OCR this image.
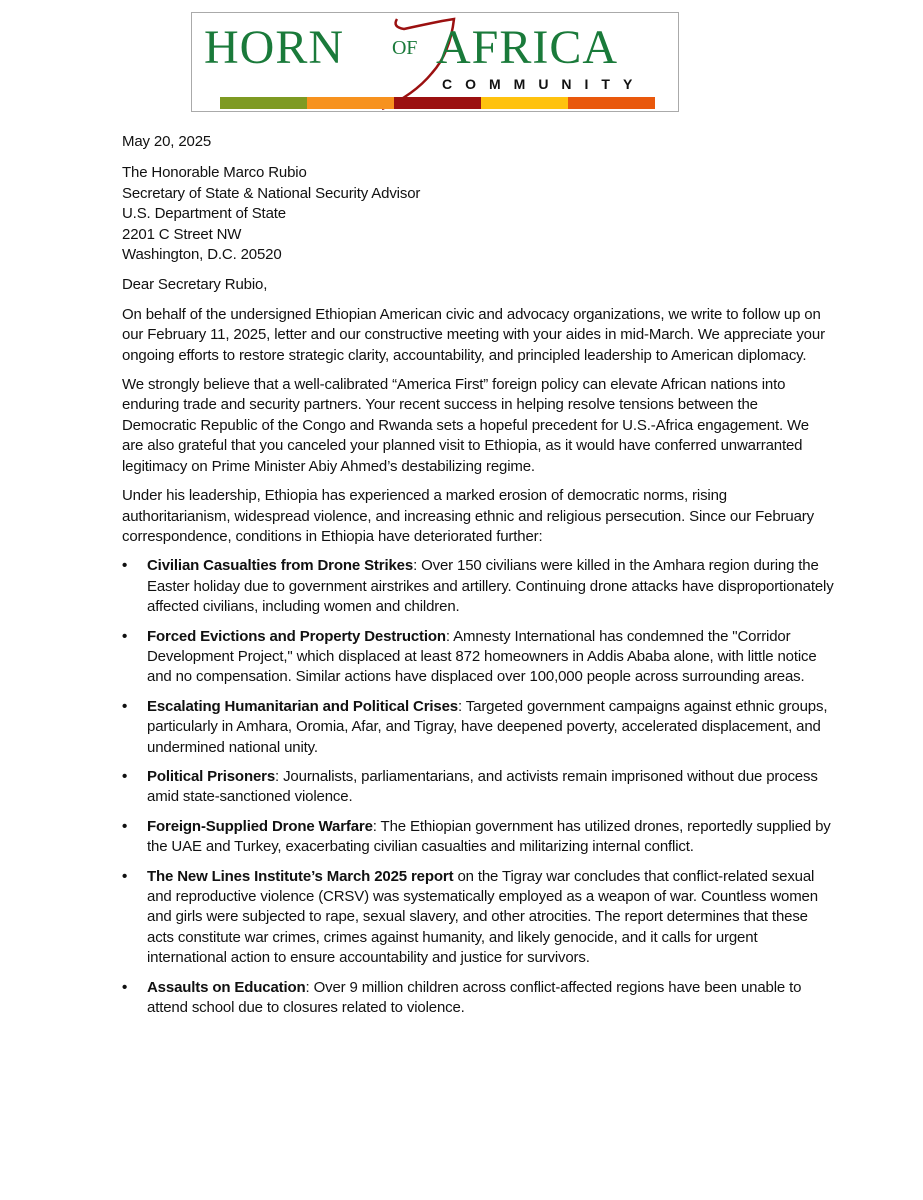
HORN OF AFRICA
COMMUNITY

May 20, 2025

The Honorable Marco Rubio

Secretary of State & National Security Advisor

U.S. Department of State

2201 C Street NW

Washington, D.C. 20520

Dear Secretary Rubio,

On behalf of the undersigned Ethiopian American civic and advocacy organizations, we write to follow up on our February 11, 2025, letter and our constructive meeting with your aides in mid-March. We appreciate your ongoing efforts to restore strategic clarity, accountability, and principled leadership to American diplomacy.

We strongly believe that a well-calibrated “America First” foreign policy can elevate African nations into enduring trade and security partners. Your recent success in helping resolve tensions between the Democratic Republic of the Congo and Rwanda sets a hopeful precedent for U.S.-Africa engagement. We are also grateful that you canceled your planned visit to Ethiopia, as it would have conferred unwarranted legitimacy on Prime Minister Abiy Ahmed’s destabilizing regime.

Under his leadership, Ethiopia has experienced a marked erosion of democratic norms, rising authoritarianism, widespread violence, and increasing ethnic and religious persecution. Since our February correspondence, conditions in Ethiopia have deteriorated further:

• Civilian Casualties from Drone Strikes: Over 150 civilians were killed in the Amhara region during the Easter holiday due to government airstrikes and artillery. Continuing drone attacks have disproportionately affected civilians, including women and children.
• Forced Evictions and Property Destruction: Amnesty International has condemned the "Corridor Development Project," which displaced at least 872 homeowners in Addis Ababa alone, with little notice and no compensation. Similar actions have displaced over 100,000 people across surrounding areas.
• Escalating Humanitarian and Political Crises: Targeted government campaigns against ethnic groups, particularly in Amhara, Oromia, Afar, and Tigray, have deepened poverty, accelerated displacement, and undermined national unity.
• Political Prisoners: Journalists, parliamentarians, and activists remain imprisoned without due process amid state-sanctioned violence.
• Foreign-Supplied Drone Warfare: The Ethiopian government has utilized drones, reportedly supplied by the UAE and Turkey, exacerbating civilian casualties and militarizing internal conflict.
• The New Lines Institute’s March 2025 report on the Tigray war concludes that conflict-related sexual and reproductive violence (CRSV) was systematically employed as a weapon of war. Countless women and girls were subjected to rape, sexual slavery, and other atrocities. The report determines that these acts constitute war crimes, crimes against humanity, and likely genocide, and it calls for urgent international action to ensure accountability and justice for survivors.
• Assaults on Education: Over 9 million children across conflict-affected regions have been unable to attend school due to closures related to violence.
